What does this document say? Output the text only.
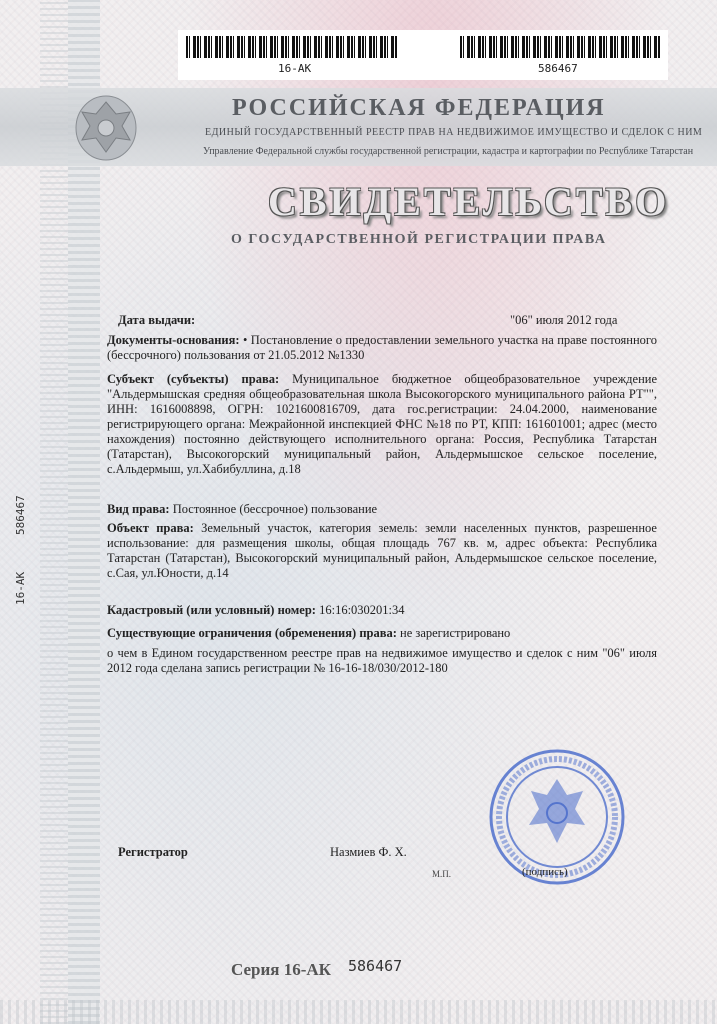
16-AK	586467
РОССИЙСКАЯ ФЕДЕРАЦИЯ
ЕДИНЫЙ ГОСУДАРСТВЕННЫЙ РЕЕСТР ПРАВ НА НЕДВИЖИМОЕ ИМУЩЕСТВО И СДЕЛОК С НИМ
Управление Федеральной службы государственной регистрации, кадастра и картографии по Республике Татарстан
СВИДЕТЕЛЬСТВО
О ГОСУДАРСТВЕННОЙ РЕГИСТРАЦИИ ПРАВА
16-AK
586467
Дата выдачи:	"06" июля 2012 года
Документы-основания: • Постановление о предоставлении земельного участка на праве постоянного (бессрочного) пользования от 21.05.2012 №1330
Субъект (субъекты) права: Муниципальное бюджетное общеобразовательное учреждение "Альдермышская средняя общеобразовательная школа Высокогорского муниципального района РТ"", ИНН: 1616008898, ОГРН: 1021600816709, дата гос.регистрации: 24.04.2000, наименование регистрирующего органа: Межрайонной инспекцией ФНС №18 по РТ, КПП: 161601001; адрес (место нахождения) постоянно действующего исполнительного органа: Россия, Республика Татарстан (Татарстан), Высокогорский муниципальный район, Альдермышское сельское поселение, с.Альдермыш, ул.Хабибуллина, д.18
Вид права: Постоянное (бессрочное) пользование
Объект права: Земельный участок, категория земель: земли населенных пунктов, разрешенное использование: для размещения школы, общая площадь 767 кв. м, адрес объекта: Республика Татарстан (Татарстан), Высокогорский муниципальный район, Альдермышское сельское поселение, с.Сая, ул.Юности, д.14
Кадастровый (или условный) номер: 16:16:030201:34
Существующие ограничения (обременения) права: не зарегистрировано
о чем в Едином государственном реестре прав на недвижимое имущество и сделок с ним "06" июля 2012 года сделана запись регистрации № 16-16-18/030/2012-180
Регистратор	Назмиев Ф. Х.
М.П.	(подпись)
Серия 16-АК 586467
